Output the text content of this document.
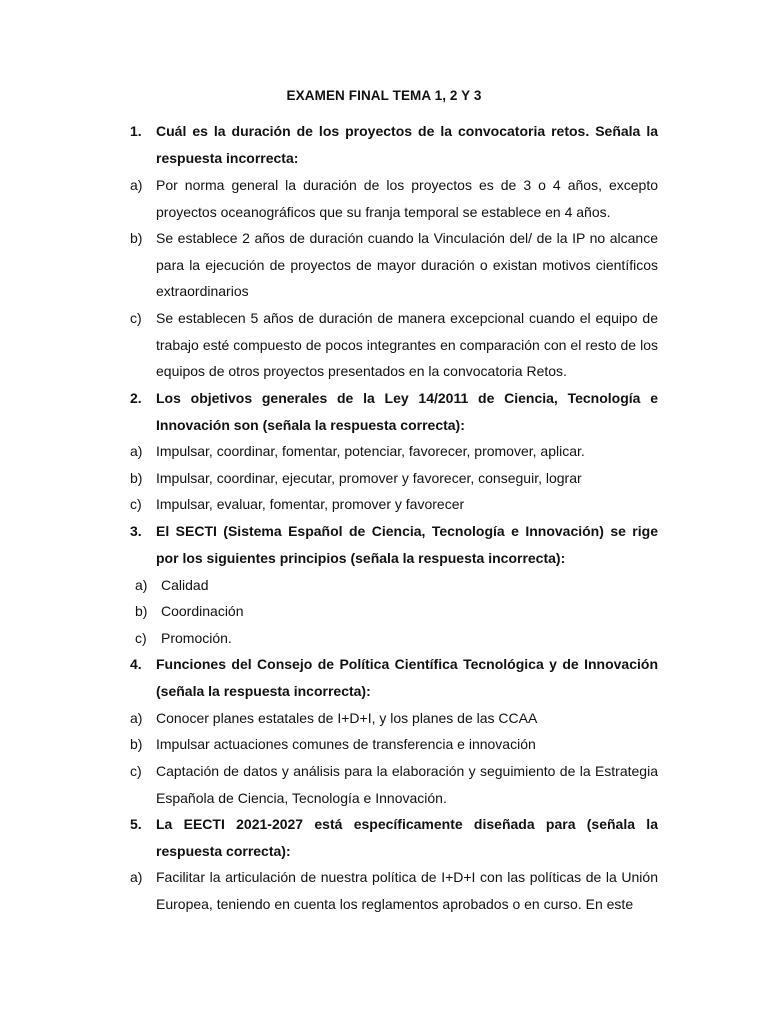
EXAMEN FINAL TEMA 1, 2 Y 3
1. Cuál es la duración de los proyectos de la convocatoria retos. Señala la respuesta incorrecta:
a) Por norma general la duración de los proyectos es de 3 o 4 años, excepto proyectos oceanográficos que su franja temporal se establece en 4 años.
b) Se establece 2 años de duración cuando la Vinculación del/ de la IP no alcance para la ejecución de proyectos de mayor duración o existan motivos científicos extraordinarios
c) Se establecen 5 años de duración de manera excepcional cuando el equipo de trabajo esté compuesto de pocos integrantes en comparación con el resto de los equipos de otros proyectos presentados en la convocatoria Retos.
2. Los objetivos generales de la Ley 14/2011 de Ciencia, Tecnología e Innovación son (señala la respuesta correcta):
a) Impulsar, coordinar, fomentar, potenciar, favorecer, promover, aplicar.
b) Impulsar, coordinar, ejecutar, promover y favorecer, conseguir, lograr
c) Impulsar, evaluar, fomentar, promover y favorecer
3. El SECTI (Sistema Español de Ciencia, Tecnología e Innovación) se rige por los siguientes principios (señala la respuesta incorrecta):
a) Calidad
b) Coordinación
c) Promoción.
4. Funciones del Consejo de Política Científica Tecnológica y de Innovación (señala la respuesta incorrecta):
a) Conocer planes estatales de I+D+I, y los planes de las CCAA
b) Impulsar actuaciones comunes de transferencia e innovación
c) Captación de datos y análisis para la elaboración y seguimiento de la Estrategia Española de Ciencia, Tecnología e Innovación.
5. La EECTI 2021-2027 está específicamente diseñada para (señala la respuesta correcta):
a) Facilitar la articulación de nuestra política de I+D+I con las políticas de la Unión Europea, teniendo en cuenta los reglamentos aprobados o en curso. En este
